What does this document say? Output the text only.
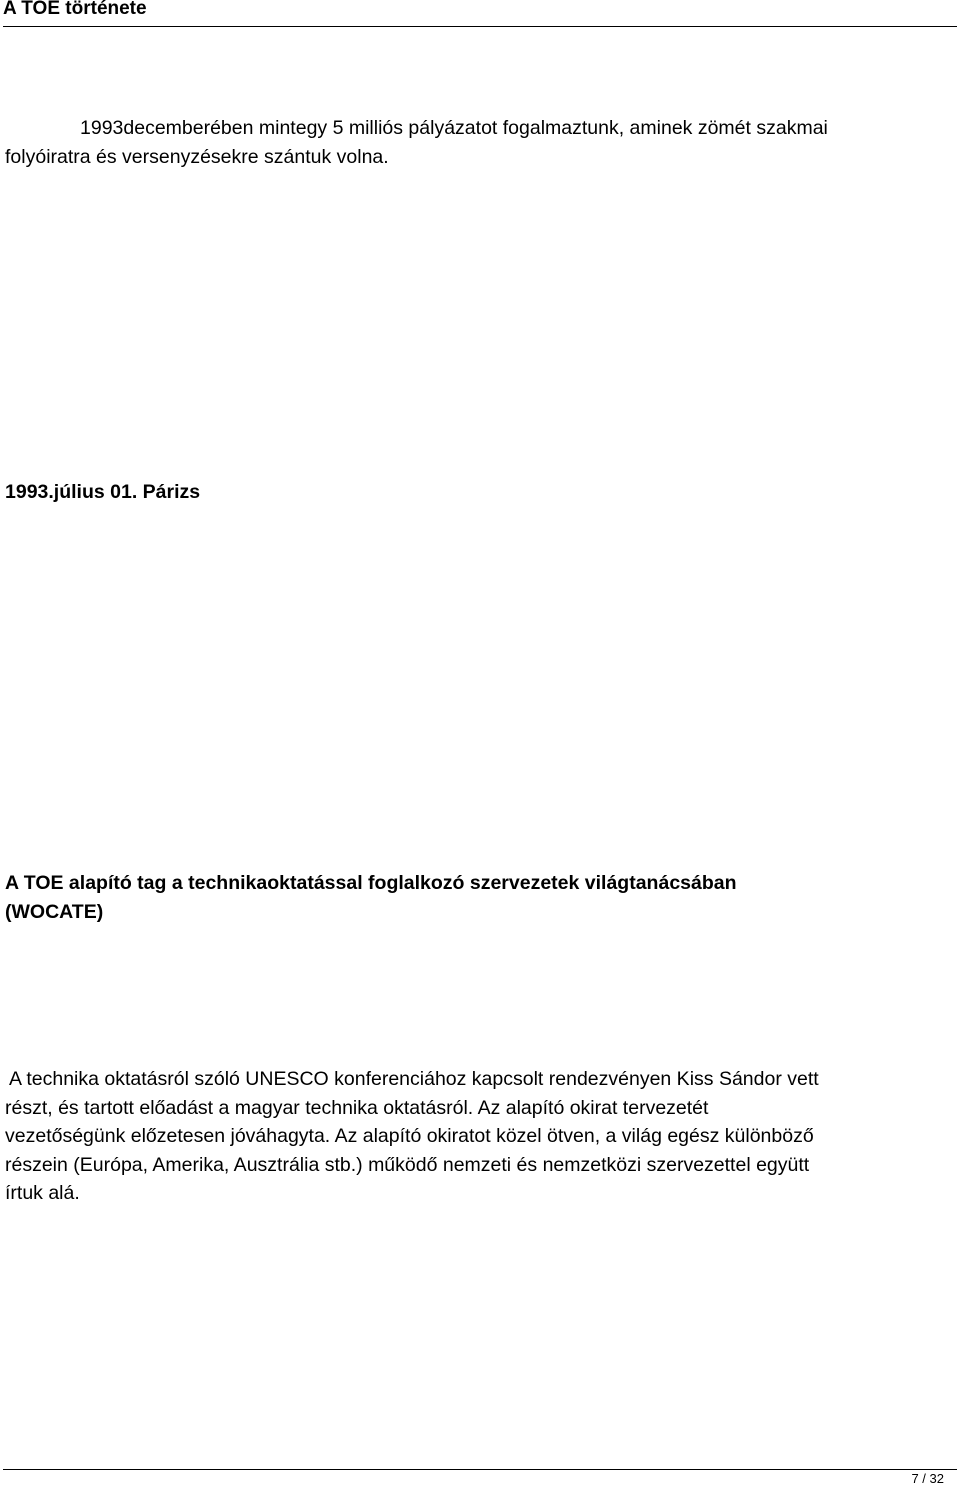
A TOE története
1993decemberében mintegy 5 milliós pályázatot fogalmaztunk, aminek zömét szakmai
folyóiratra és versenyzésekre szántuk volna.
1993.július 01. Párizs
A TOE alapító tag a technikaoktatással foglalkozó szervezetek világtanácsában
(WOCATE)
A technika oktatásról szóló UNESCO konferenciához kapcsolt rendezvényen Kiss Sándor vett
részt, és tartott előadást a magyar technika oktatásról. Az alapító okirat tervezetét
vezetőségünk előzetesen jóváhagyta. Az alapító okiratot közel ötven, a világ egész különböző
részein (Európa, Amerika, Ausztrália stb.) működő nemzeti és nemzetközi szervezettel együtt
írtuk alá.
7 / 32
